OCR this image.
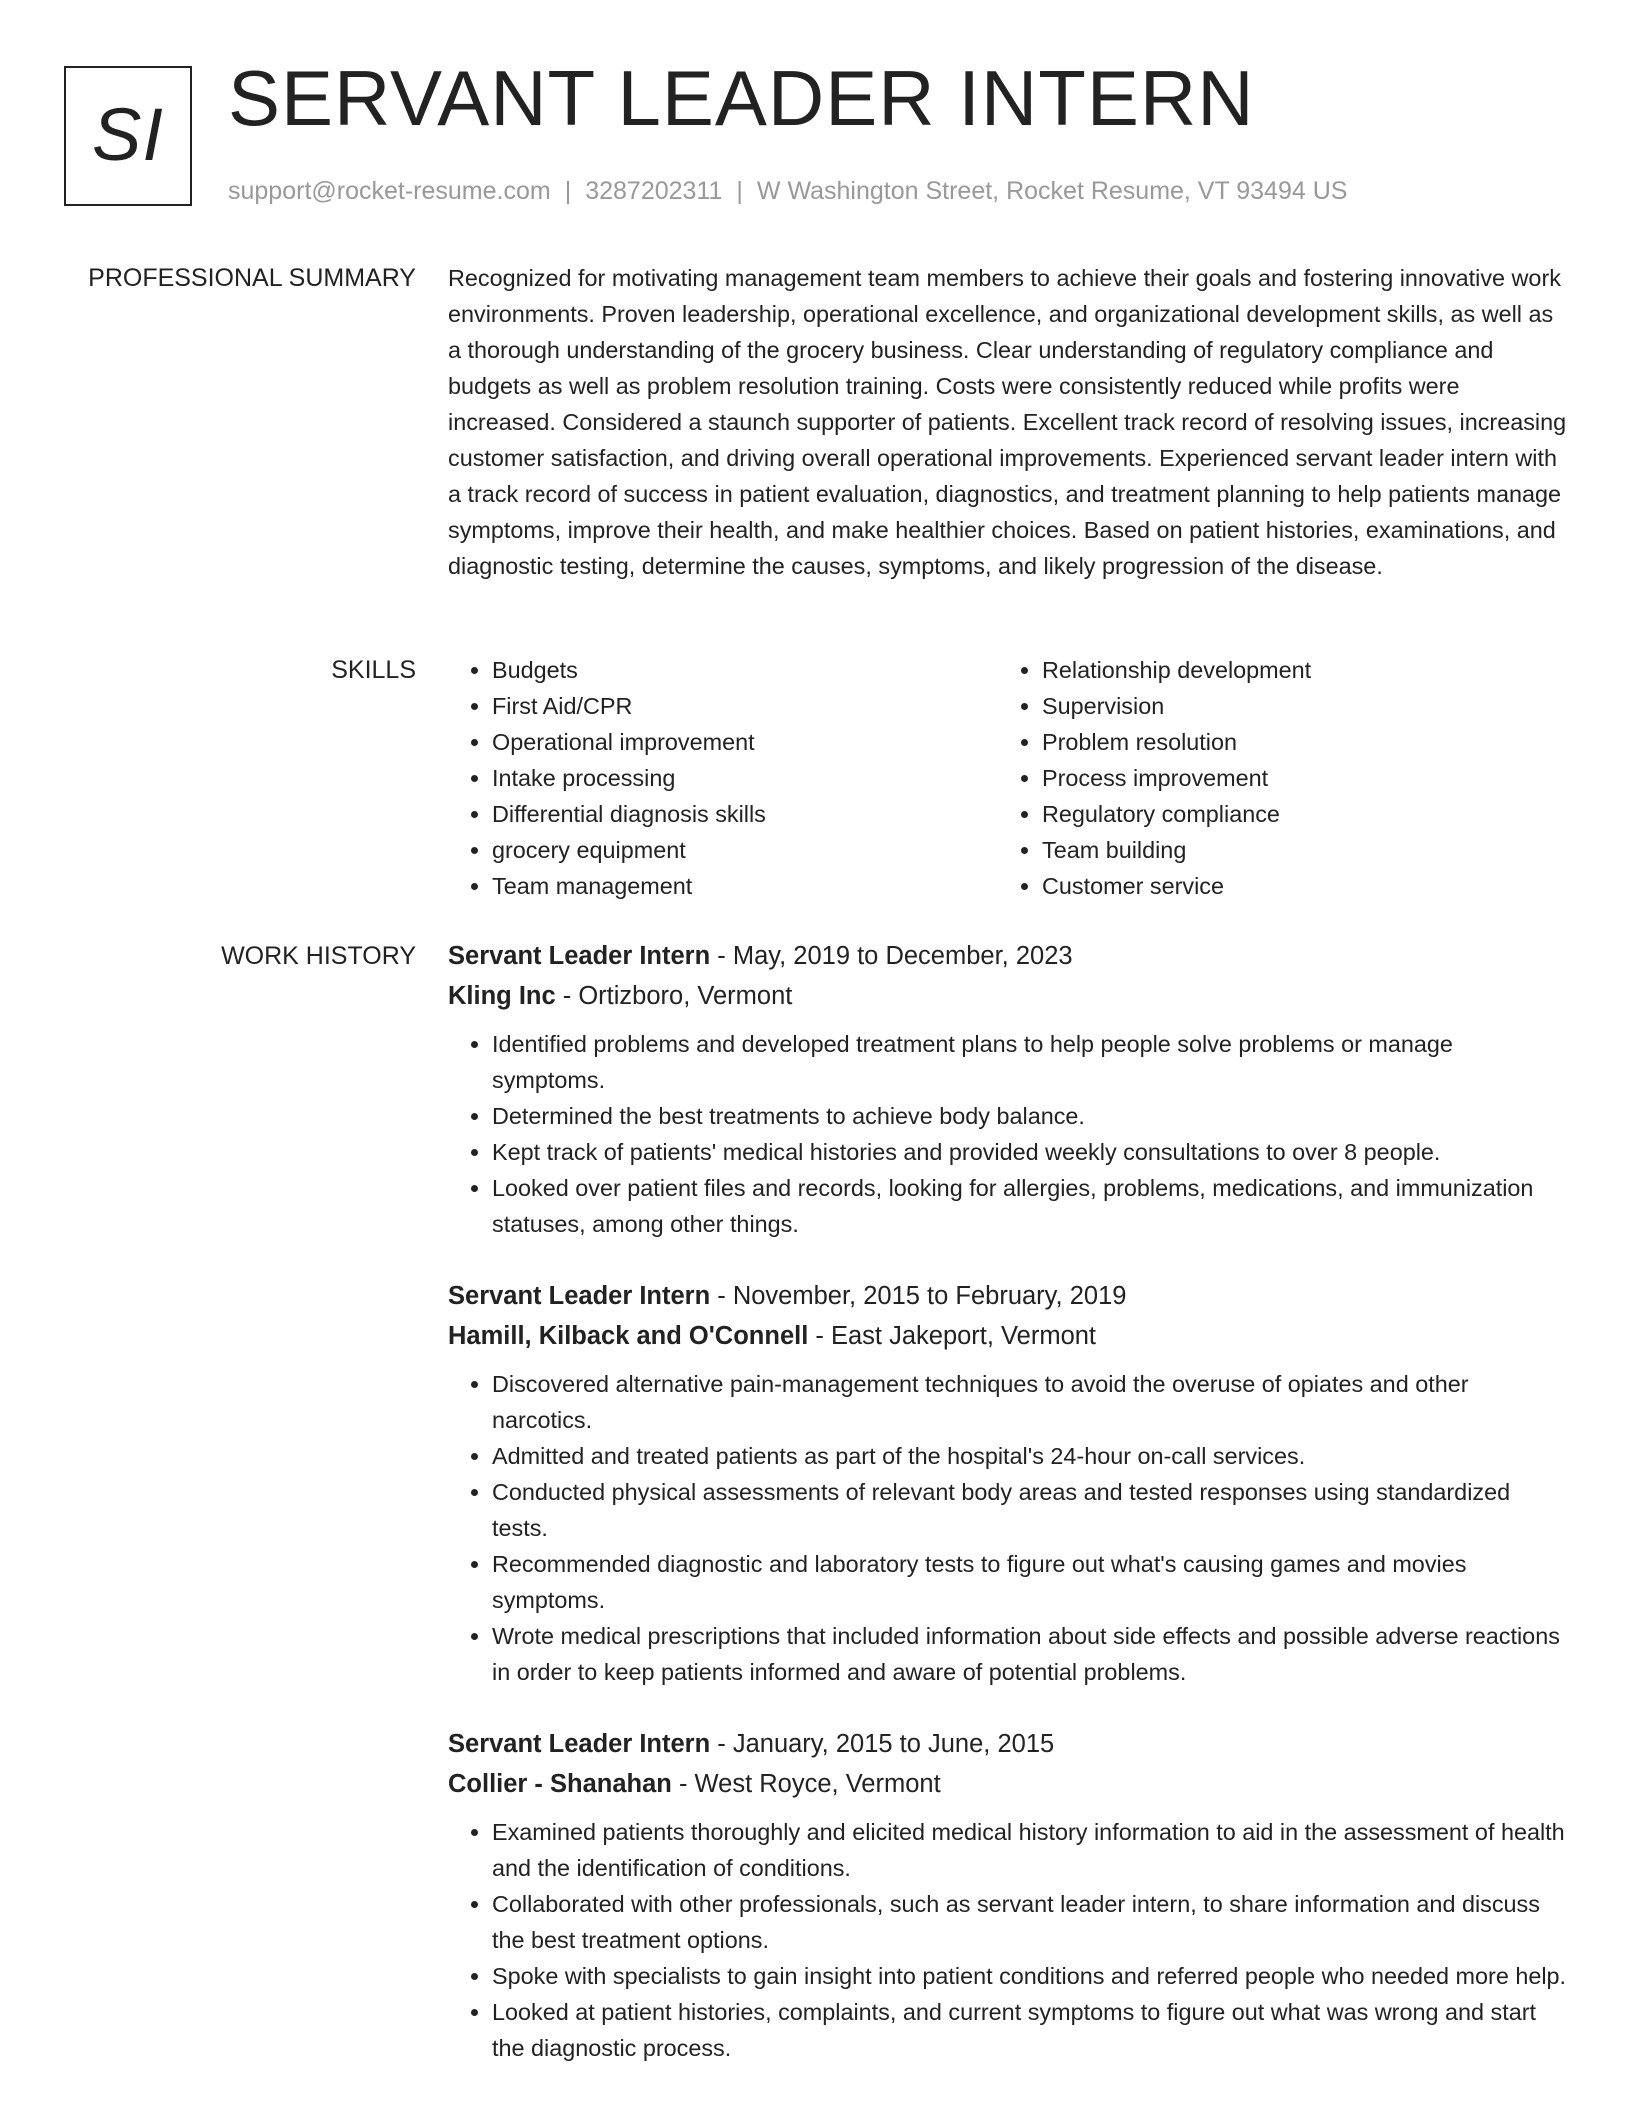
SI SERVANT LEADER INTERN
support@rocket-resume.com | 3287202311 | W Washington Street, Rocket Resume, VT 93494 US
PROFESSIONAL SUMMARY Recognized for motivating management team members to achieve their goals and fostering innovative work environments. Proven leadership, operational excellence, and organizational development skills, as well as a thorough understanding of the grocery business. Clear understanding of regulatory compliance and budgets as well as problem resolution training. Costs were consistently reduced while profits were increased. Considered a staunch supporter of patients. Excellent track record of resolving issues, increasing customer satisfaction, and driving overall operational improvements. Experienced servant leader intern with a track record of success in patient evaluation, diagnostics, and treatment planning to help patients manage symptoms, improve their health, and make healthier choices. Based on patient histories, examinations, and diagnostic testing, determine the causes, symptoms, and likely progression of the disease.

SKILLS
•	Budgets
• First Aid/CPR
• Operational improvement
• Intake processing
• Differential diagnosis skills
• grocery equipment
• Team management
• Relationship development
• Supervision
• Problem resolution
• Process improvement
• Regulatory compliance
• Team building
• Customer service
WORK HISTORY Servant Leader Intern - May, 2019 to December, 2023

Kling Inc - Ortizboro, Vermont

• Identified problems and developed treatment plans to help people solve problems or manage symptoms.
• Determined the best treatments to achieve body balance.
• Kept track of patients' medical histories and provided weekly consultations to over 8 people.
• Looked over patient files and records, looking for allergies, problems, medications, and immunization statuses, among other things.

Servant Leader Intern - November, 2015 to February, 2019

Hamill, Kilback and O'Connell - East Jakeport, Vermont

• Discovered alternative pain-management techniques to avoid the overuse of opiates and other narcotics.
• Admitted and treated patients as part of the hospital's 24-hour on-call services.
• Conducted physical assessments of relevant body areas and tested responses using standardized tests.
• Recommended diagnostic and laboratory tests to figure out what's causing games and movies symptoms.
• Wrote medical prescriptions that included information about side effects and possible adverse reactions in order to keep patients informed and aware of potential problems.

Servant Leader Intern - January, 2015 to June, 2015

Collier - Shanahan - West Royce, Vermont

• Examined patients thoroughly and elicited medical history information to aid in the assessment of health and the identification of conditions.
• Collaborated with other professionals, such as servant leader intern, to share information and discuss the best treatment options.
• Spoke with specialists to gain insight into patient conditions and referred people who needed more help.
• Looked at patient histories, complaints, and current symptoms to figure out what was wrong and start the diagnostic process.
